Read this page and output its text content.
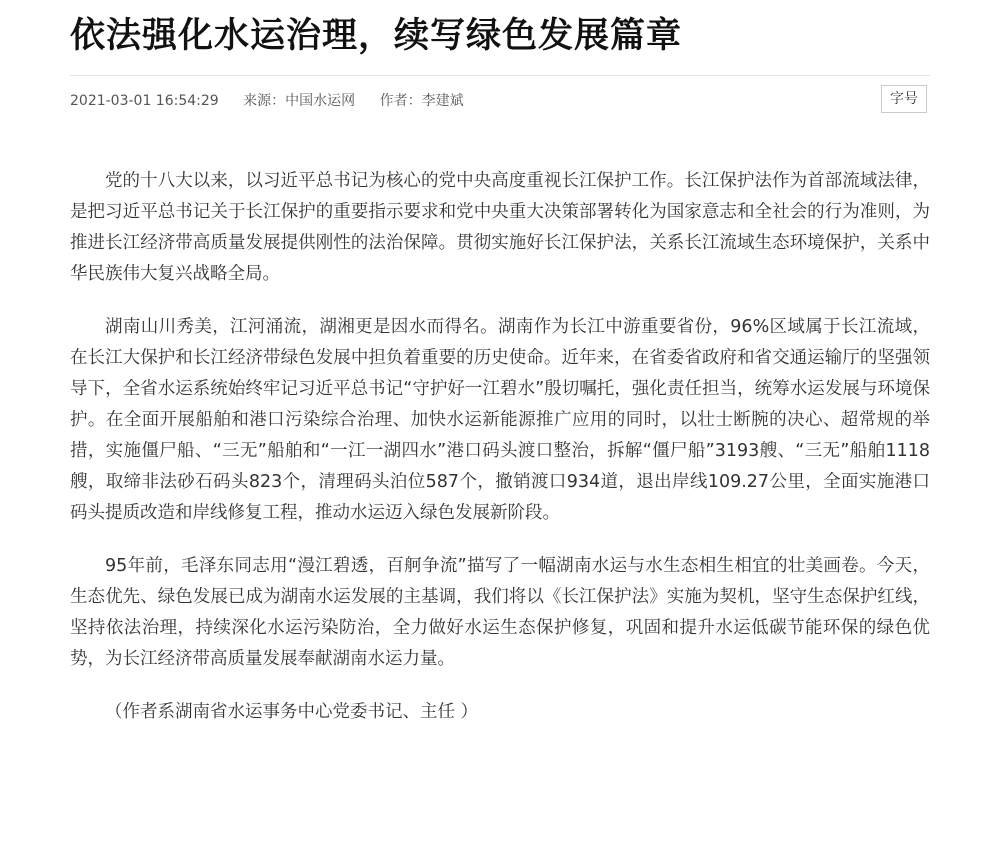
依法强化水运治理，续写绿色发展篇章
2021-03-01 16:54:29 来源：中国水运网 作者：李建斌	字号

党的十八大以来，以习近平总书记为核心的党中央高度重视长江保护工作。长江保护法作为首部流域法律，是把习近平总书记关于长江保护的重要指示要求和党中央重大决策部署转化为国家意志和全社会的行为准则，为推进长江经济带高质量发展提供刚性的法治保障。贯彻实施好长江保护法，关系长江流域生态环境保护，关系中华民族伟大复兴战略全局。

湖南山川秀美，江河涌流，湖湘更是因水而得名。湖南作为长江中游重要省份，96%区域属于长江流域，在长江大保护和长江经济带绿色发展中担负着重要的历史使命。近年来，在省委省政府和省交通运输厅的坚强领导下，全省水运系统始终牢记习近平总书记“守护好一江碧水”殷切嘱托，强化责任担当，统筹水运发展与环境保护。在全面开展船舶和港口污染综合治理、加快水运新能源推广应用的同时，以壮士断腕的决心、超常规的举措，实施僵尸船、“三无”船舶和“一江一湖四水”港口码头渡口整治，拆解“僵尸船”3193艘、“三无”船舶1118艘，取缔非法砂石码头823个，清理码头泊位587个，撤销渡口934道，退出岸线109.27公里，全面实施港口码头提质改造和岸线修复工程，推动水运迈入绿色发展新阶段。

95年前，毛泽东同志用“漫江碧透，百舸争流”描写了一幅湖南水运与水生态相生相宜的壮美画卷。今天，生态优先、绿色发展已成为湖南水运发展的主基调，我们将以《长江保护法》实施为契机，坚守生态保护红线，坚持依法治理，持续深化水运污染防治，全力做好水运生态保护修复，巩固和提升水运低碳节能环保的绿色优势，为长江经济带高质量发展奉献湖南水运力量。

（作者系湖南省水运事务中心党委书记、主任 ）
